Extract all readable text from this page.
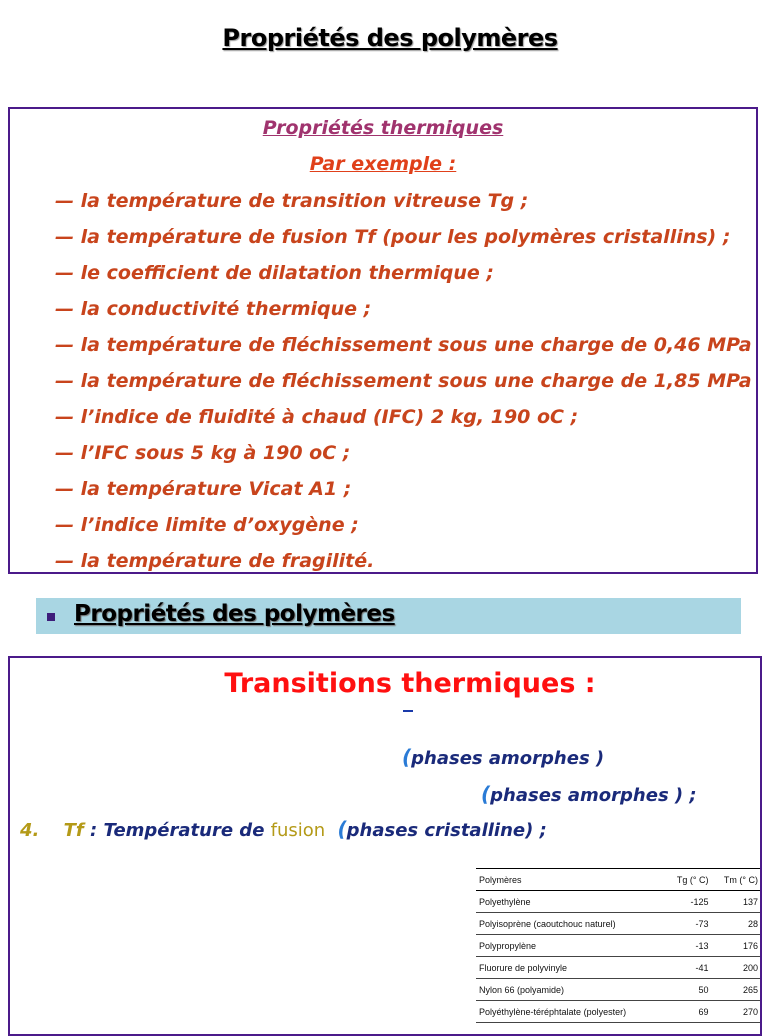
Propriétés des polymères
Propriétés thermiques
Par exemple :
— la température de transition vitreuse Tg ;
— la température de fusion Tf (pour les polymères cristallins) ;
— le coefficient de dilatation thermique ;
— la conductivité thermique ;
— la température de fléchissement sous une charge de 0,46 MPa
— la température de fléchissement sous une charge de 1,85 MPa
— l’indice de fluidité à chaud (IFC) 2 kg, 190 oC ;
— l’IFC sous 5 kg à 190 oC ;
— la température Vicat A1 ;
— l’indice limite d’oxygène ;
— la température de fragilité.
Propriétés des polymères
Transitions thermiques :
(phases amorphes )
(phases amorphes ) ;
4. Tf : Température de fusion (phases cristalline) ;
Polymères	Tg (° C)	Tm (° C)
Polyethylène	-125	137
Polyisoprène (caoutchouc naturel)	-73	28
Polypropylène	-13	176
Fluorure de polyvinyle	-41	200
Nylon 66 (polyamide)	50	265
Polyéthylène-téréphtalate (polyester)	69	270
